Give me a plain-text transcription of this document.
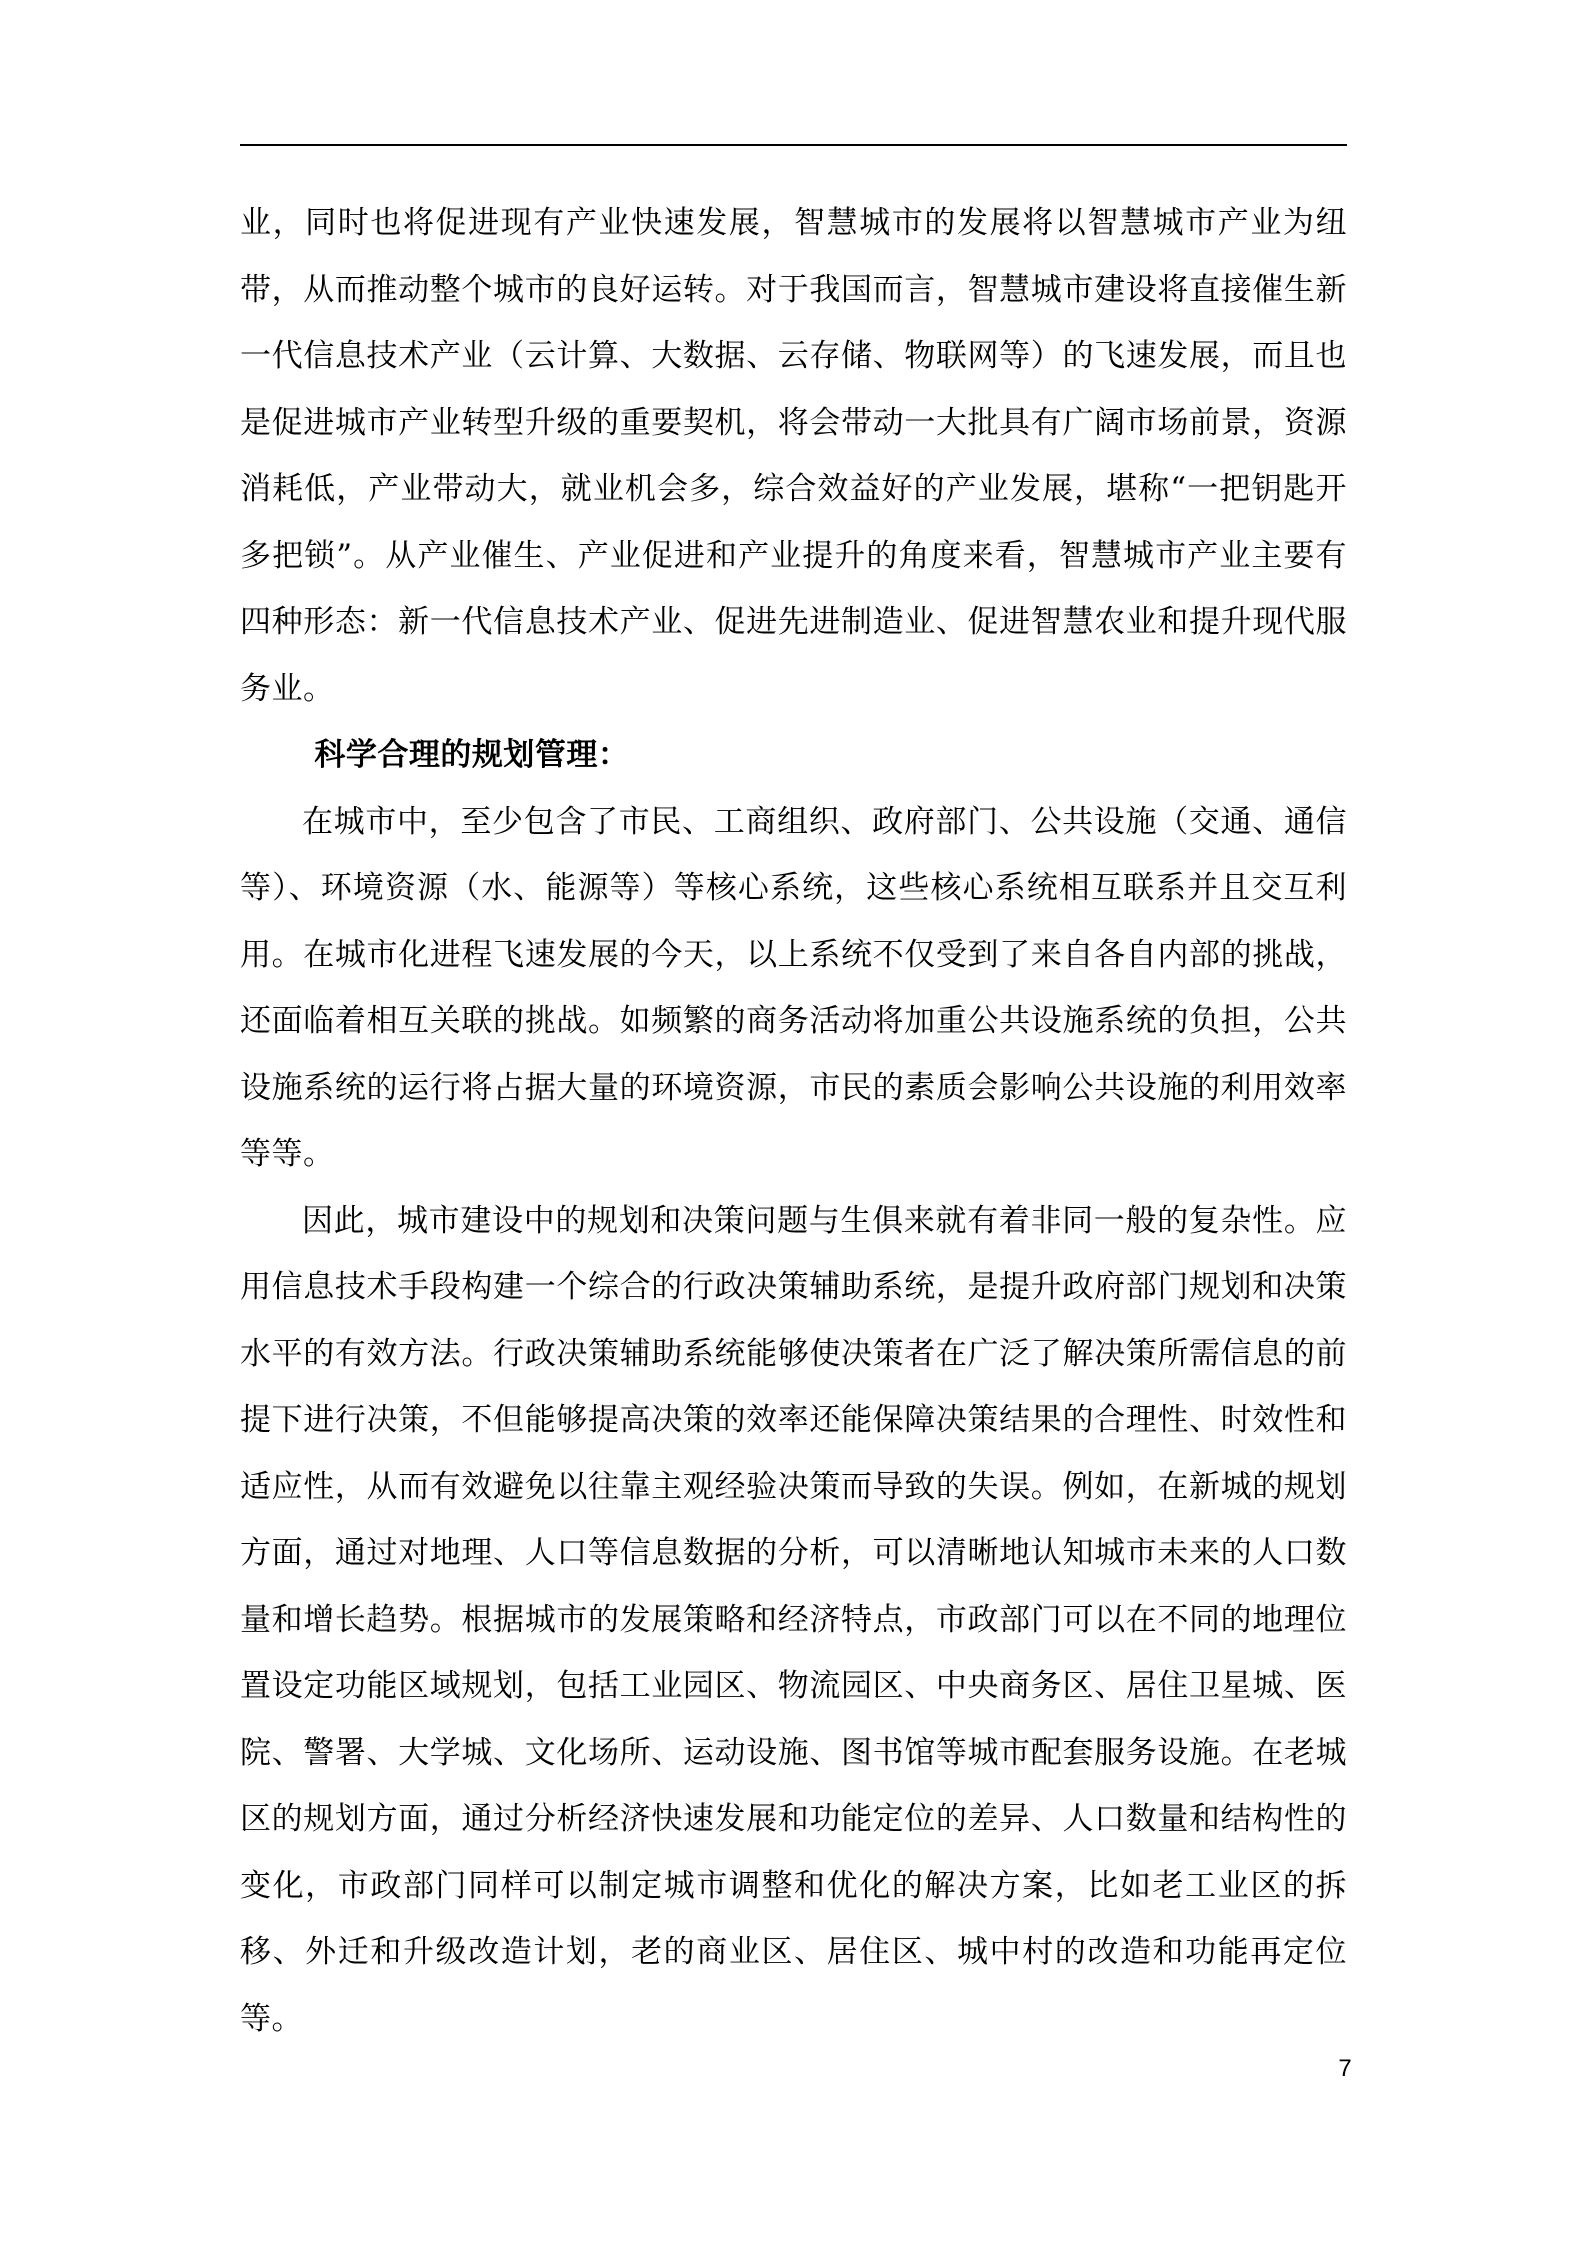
业，同时也将促进现有产业快速发展，智慧城市的发展将以智慧城市产业为纽带，从而推动整个城市的良好运转。对于我国而言，智慧城市建设将直接催生新一代信息技术产业（云计算、大数据、云存储、物联网等）的飞速发展，而且也是促进城市产业转型升级的重要契机，将会带动一大批具有广阔市场前景，资源消耗低，产业带动大，就业机会多，综合效益好的产业发展，堪称“一把钥匙开多把锁”。从产业催生、产业促进和产业提升的角度来看，智慧城市产业主要有四种形态：新一代信息技术产业、促进先进制造业、促进智慧农业和提升现代服务业。

科学合理的规划管理：

在城市中，至少包含了市民、工商组织、政府部门、公共设施（交通、通信等）、环境资源（水、能源等）等核心系统，这些核心系统相互联系并且交互利用。在城市化进程飞速发展的今天，以上系统不仅受到了来自各自内部的挑战，还面临着相互关联的挑战。如频繁的商务活动将加重公共设施系统的负担，公共设施系统的运行将占据大量的环境资源，市民的素质会影响公共设施的利用效率等等。

因此，城市建设中的规划和决策问题与生俱来就有着非同一般的复杂性。应用信息技术手段构建一个综合的行政决策辅助系统，是提升政府部门规划和决策水平的有效方法。行政决策辅助系统能够使决策者在广泛了解决策所需信息的前提下进行决策，不但能够提高决策的效率还能保障决策结果的合理性、时效性和适应性，从而有效避免以往靠主观经验决策而导致的失误。例如，在新城的规划方面，通过对地理、人口等信息数据的分析，可以清晰地认知城市未来的人口数量和增长趋势。根据城市的发展策略和经济特点，市政部门可以在不同的地理位置设定功能区域规划，包括工业园区、物流园区、中央商务区、居住卫星城、医院、警署、大学城、文化场所、运动设施、图书馆等城市配套服务设施。在老城区的规划方面，通过分析经济快速发展和功能定位的差异、人口数量和结构性的变化，市政部门同样可以制定城市调整和优化的解决方案，比如老工业区的拆移、外迁和升级改造计划，老的商业区、居住区、城中村的改造和功能再定位等。

7
